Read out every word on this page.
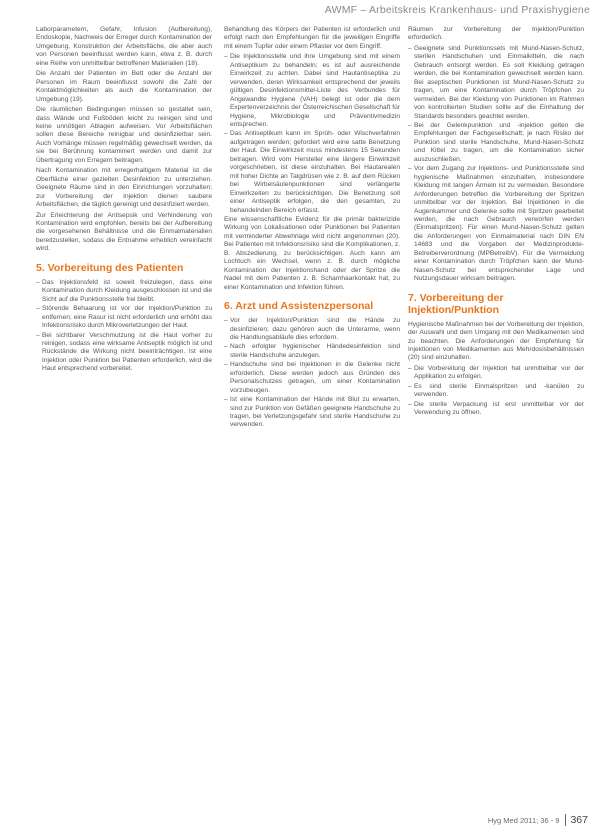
AWMF – Arbeitskreis Krankenhaus- und Praxishygiene

Laborparametern, Gefahr, Infusion (Aufbereitung), Endoskopie, Nachweis der Erreger durch Kontamination der Umgebung, Konstruktion der Arbeitsfläche, die aber auch von Personen beeinflusst werden kann, etwa z. B. durch eine Reihe von unmittelbar betroffenen Materialien (18).

Die Anzahl der Patienten im Bett oder die Anzahl der Personen im Raum beeinflusst sowohl die Zahl der Kontaktmöglichkeiten als auch die Kontamination der Umgebung (19).

Die räumlichen Bedingungen müssen so gestaltet sein, dass Wände und Fußböden leicht zu reinigen sind und keine unnötigen Ablagen aufweisen. Vor Arbeitsflächen sollen diese Bereiche reinigbar und desinfizierbar sein. Auch Vorhänge müssen regelmäßig gewechselt werden, da sie bei Berührung kontaminiert werden und damit zur Übertragung von Erregern beitragen.

Nach Kontamination mit erregerhaltigem Material ist die Oberfläche einer gezielten Desinfektion zu unterziehen. Geeignete Räume sind in den Einrichtungen vorzuhalten; zur Vorbereitung der Injektion dienen saubere Arbeitsflächen, die täglich gereinigt und desinfiziert werden.

Zur Erleichterung der Antisepsik und Verhinderung von Kontamination wird empfohlen, bereits bei der Aufbereitung die vorgesehenen Behältnisse und die Einmalmaterialien bereitzustellen, sodass die Entnahme erheblich vereinfacht wird.

5. Vorbereitung des Patienten
– Das Injektionsfeld ist soweit freizulegen, dass eine Kontamination durch Kleidung ausgeschlossen ist und die Sicht auf die Punktionsstelle frei bleibt.
– Störende Behaarung ist vor der Injektion/Punktion zu entfernen; eine Rasur ist nicht erforderlich und erhöht das Infektionsrisiko durch Mikroverletzungen der Haut.
– Bei sichtbarer Verschmutzung ist die Haut vorher zu reinigen, sodass eine wirksame Antiseptik möglich ist und Rückstände die Wirkung nicht beeinträchtigen. Ist eine Injektion oder Punktion bei Patienten erforderlich, wird die Haut entsprechend vorbereitet.

Behandlung des Körpers der Patienten ist erforderlich und erfolgt nach den Empfehlungen für die jeweiligen Eingriffe mit einem Tupfer oder einem Pflaster vor dem Eingriff.

– Die Injektionsstelle und ihre Umgebung sind mit einem Antiseptikum zu behandeln; es ist auf ausreichende Einwirkzeit zu achten. Dabei sind Hautantiseptika zu verwenden, deren Wirksamkeit entsprechend der jeweils gültigen Desinfektionsmittel-Liste des Verbundes für Angewandte Hygiene (VAH) belegt ist oder die dem Expertenverzeichnis der Österreichischen Gesellschaft für Hygiene, Mikrobiologie und Präventivmedizin entsprechen.
– Das Antiseptikum kann im Sprüh- oder Wischverfahren aufgetragen werden; gefordert wird eine satte Benetzung der Haut. Die Einwirkzeit muss mindestens 15 Sekunden betragen. Wird vom Hersteller eine längere Einwirkzeit vorgeschrieben, ist diese einzuhalten. Bei Hautarealen mit hoher Dichte an Talgdrüsen wie z. B. auf dem Rücken bei Wirbelsäulenpunktionen sind verlängerte Einwirkzeiten zu berücksichtigen. Die Benetzung soll einer Antiseptik erfolgen, die den gesamten, zu behandelnden Bereich erfasst.

Eine wissenschaftliche Evidenz für die primär bakterizide Wirkung von Lokalisationen oder Punktionen bei Patienten mit verminderter Abwehrlage wird nicht angenommen (20). Bei Patienten mit Infektionsrisiko sind die Komplikationen, z. B. Abszedierung, zu berücksichtigen. Auch kann am Lochtuch ein Wechsel, wenn z. B. durch mögliche Kontamination der Injektionshand oder der Spritze die Nadel mit dem Patienten z. B. Schamhaarkontakt hat, zu einer Kontamination und Infektion führen.

6. Arzt und Assistenzpersonal
– Vor der Injektion/Punktion sind die Hände zu desinfizieren; dazu gehören auch die Unterarme, wenn die Handlungsabläufe dies erfordern.
– Nach erfolgter hygienischer Händedesinfektion sind sterile Handschuhe anzulegen.
– Handschuhe sind bei Injektionen in die Gelenke nicht erforderlich. Diese werden jedoch aus Gründen des Personalschutzes getragen, um einer Kontamination vorzubeugen.
– Ist eine Kontamination der Hände mit Blut zu erwarten, sind zur Punktion von Gefäßen geeignete Handschuhe zu tragen, bei Verletzungsgefahr sind sterile Handschuhe zu verwenden.

Räumen zur Vorbereitung der Injektion/Punktion erforderlich.

– Geeignete sind Punktionssets mit Mund-Nasen-Schutz, sterilen Handschuhen und Einmalkitteln, die nach Gebrauch entsorgt werden. Es soll Kleidung getragen werden, die bei Kontamination gewechselt werden kann. Bei aseptischen Punktionen ist Mund-Nasen-Schutz zu tragen, um eine Kontamination durch Tröpfchen zu vermeiden. Bei der Kleidung von Punktionen im Rahmen von kontrollierten Studien sollte auf die Einhaltung der Standards besonders geachtet werden.
– Bei der Gelenkpunktion und -injektion gelten die Empfehlungen der Fachgesellschaft; je nach Risiko der Punktion sind sterile Handschuhe, Mund-Nasen-Schutz und Kittel zu tragen, um die Kontamination sicher auszuschließen.
– Vor dem Zugang zur Injektions- und Punktionsstelle sind hygienische Maßnahmen einzuhalten, insbesondere Kleidung mit langen Ärmeln ist zu vermeiden. Besondere Anforderungen betreffen die Vorbereitung der Spritzen unmittelbar vor der Injektion. Bei Injektionen in die Augenkammer und Gelenke sollte mit Spritzen gearbeitet werden, die nach Gebrauch verworfen werden (Einmalspritzen). Für einen Mund-Nasen-Schutz gelten die Anforderungen von Einmalmaterial nach DIN EN 14683 und die Vorgaben der Medizinprodukte-Betreiberverordnung (MPBetreibV). Für die Vermeidung einer Kontamination durch Tröpfchen kann der Mund-Nasen-Schutz bei entsprechender Lage und Nutzungsdauer wirksam beitragen.
7. Vorbereitung der Injektion/Punktion

Hygienische Maßnahmen bei der Vorbereitung der Injektion, der Auswahl und dem Umgang mit den Medikamenten sind zu beachten. Die Anforderungen der Empfehlung für Injektionen von Medikamenten aus Mehrdosisbehältnissen (20) sind einzuhalten.

– Die Vorbereitung der Injektion hat unmittelbar vor der Applikation zu erfolgen.
– Es sind sterile Einmalspritzen und -kanülen zu verwenden.
– Die sterile Verpackung ist erst unmittelbar vor der Verwendung zu öffnen.
Hyg Med 2011; 36 - 9	367
